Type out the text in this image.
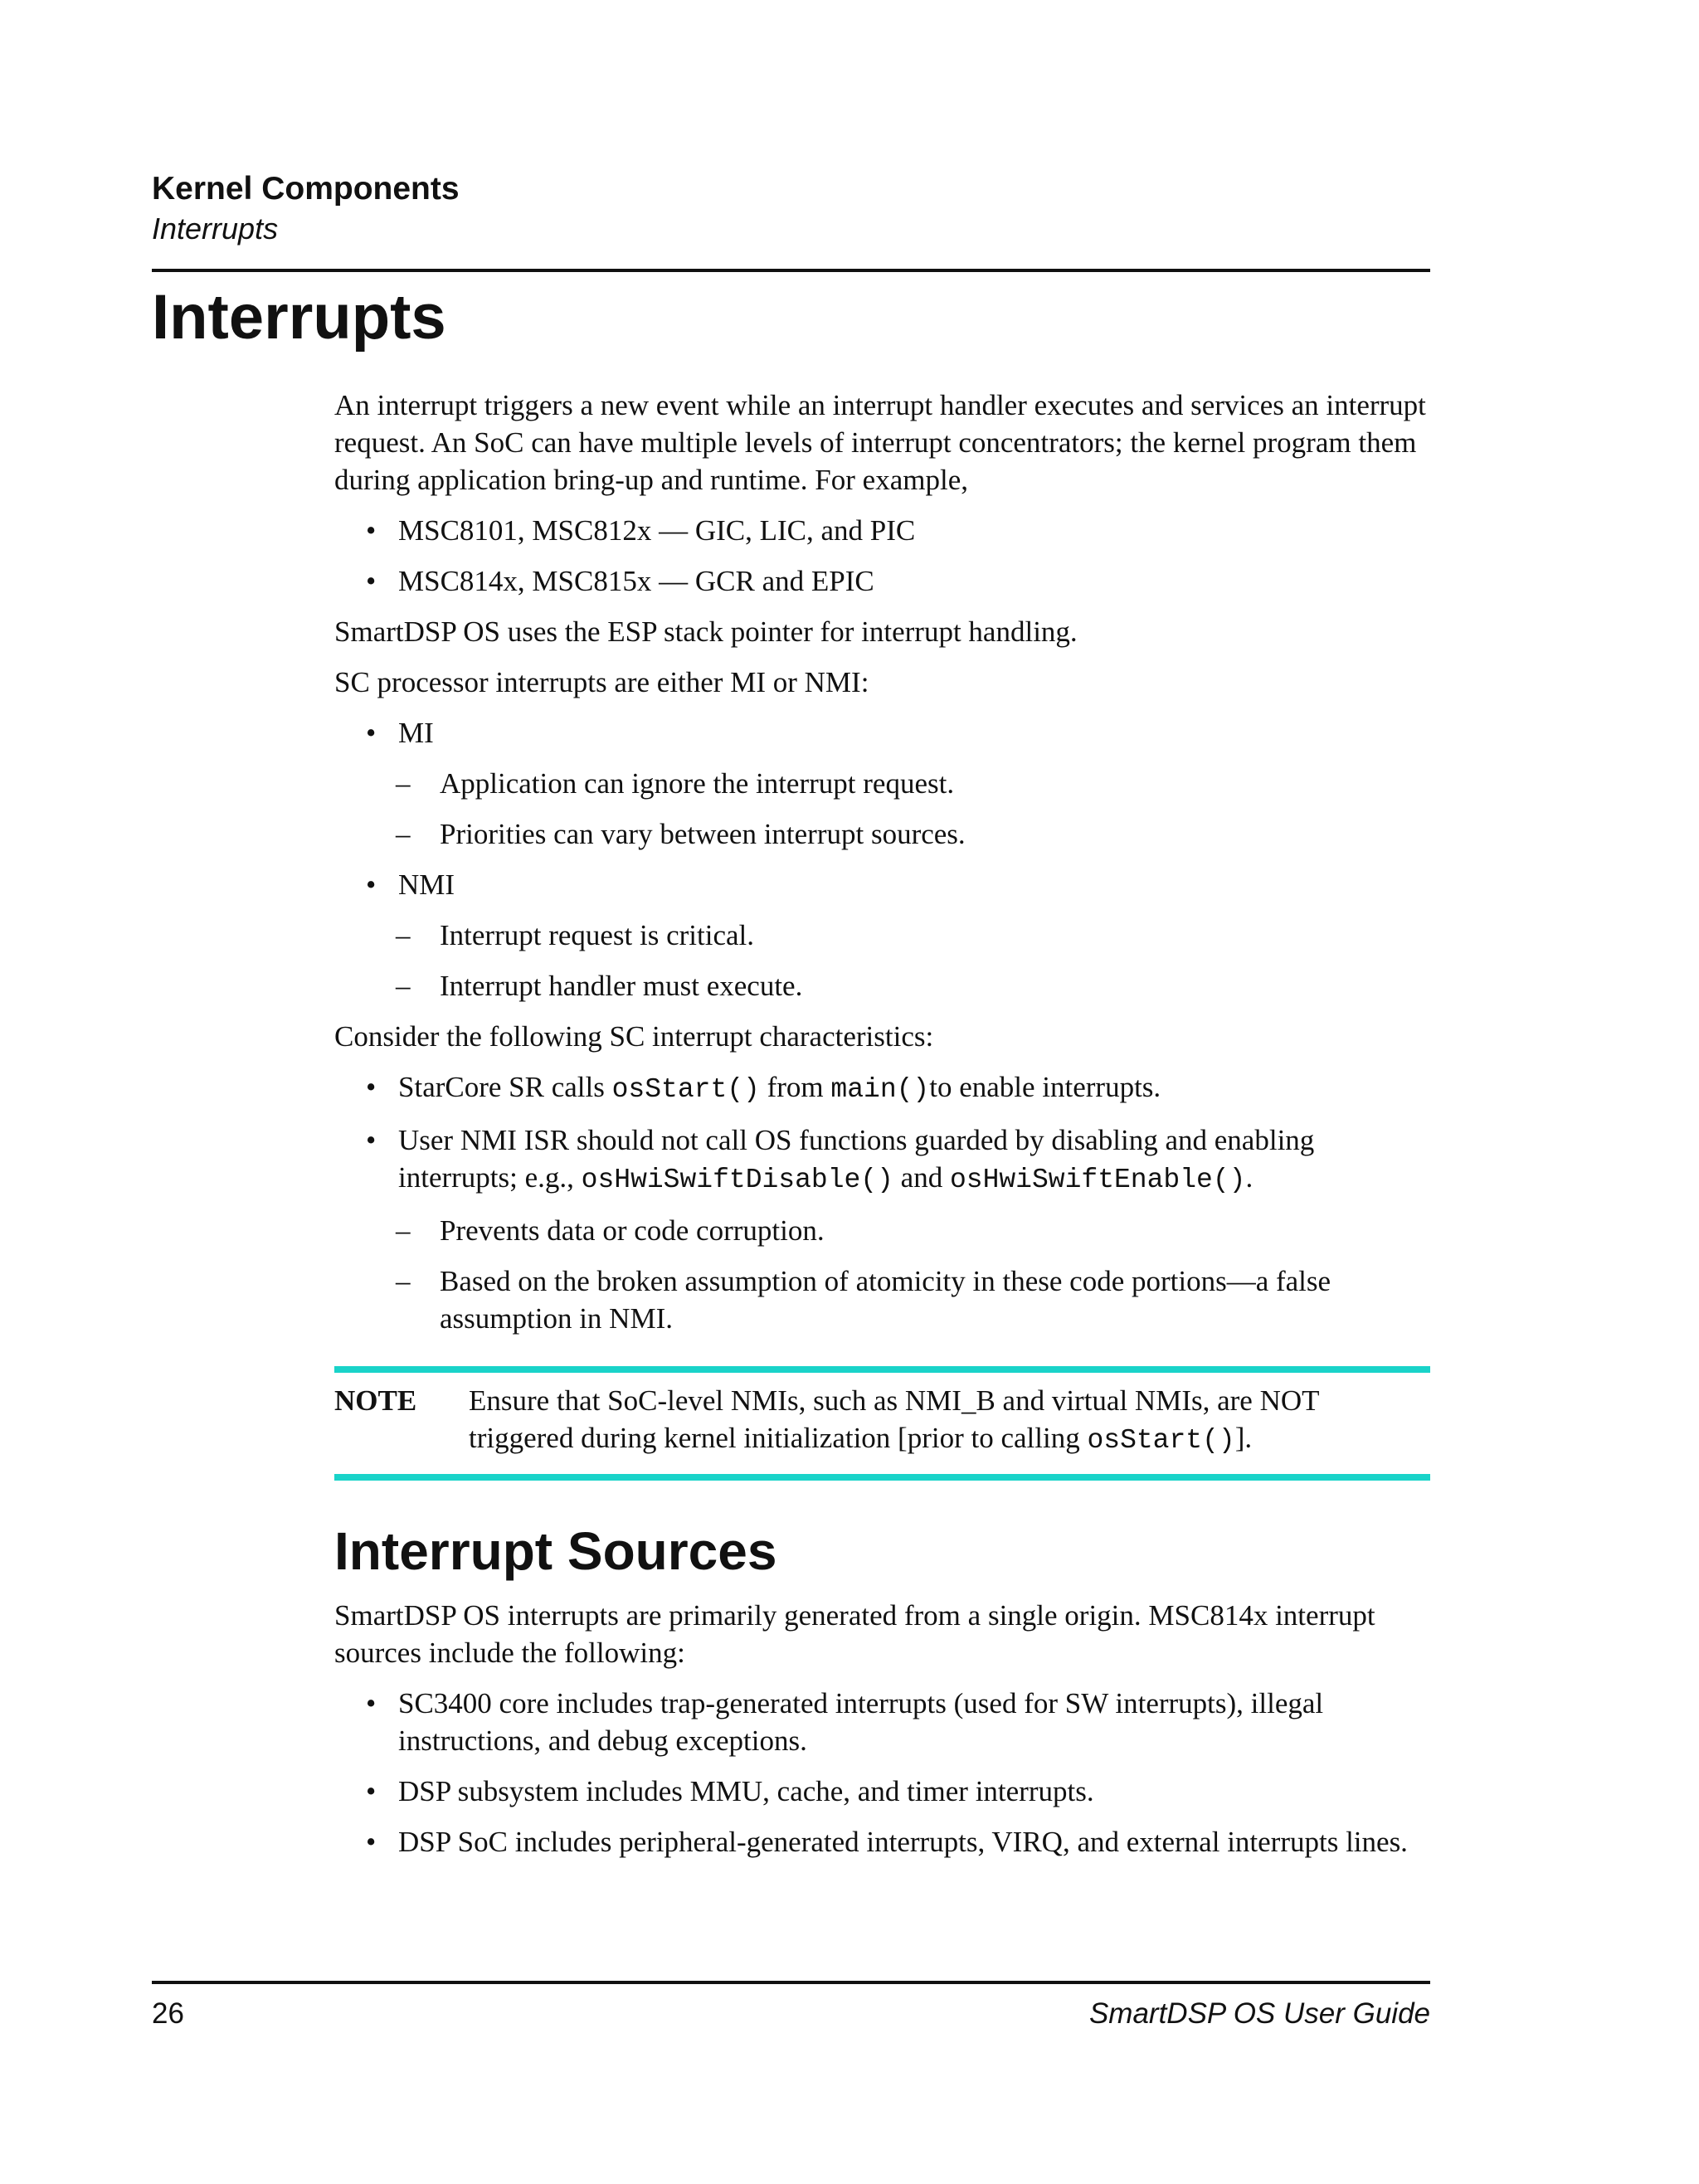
Kernel Components
Interrupts
Interrupts

An interrupt triggers a new event while an interrupt handler executes and services an interrupt request. An SoC can have multiple levels of interrupt concentrators; the kernel program them during application bring-up and runtime. For example,

• MSC8101, MSC812x — GIC, LIC, and PIC
• MSC814x, MSC815x — GCR and EPIC

SmartDSP OS uses the ESP stack pointer for interrupt handling.

SC processor interrupts are either MI or NMI:

• MI
– Application can ignore the interrupt request.
– Priorities can vary between interrupt sources.
• NMI
– Interrupt request is critical.
– Interrupt handler must execute.

Consider the following SC interrupt characteristics:

• StarCore SR calls osStart() from main()to enable interrupts.
• User NMI ISR should not call OS functions guarded by disabling and enabling interrupts; e.g., osHwiSwiftDisable() and osHwiSwiftEnable().
– Prevents data or code corruption.
– Based on the broken assumption of atomicity in these code portions—a false assumption in NMI.
NOTE Ensure that SoC-level NMIs, such as NMI_B and virtual NMIs, are NOT triggered during kernel initialization [prior to calling osStart()].
Interrupt Sources

SmartDSP OS interrupts are primarily generated from a single origin. MSC814x interrupt sources include the following:

• SC3400 core includes trap-generated interrupts (used for SW interrupts), illegal instructions, and debug exceptions.
• DSP subsystem includes MMU, cache, and timer interrupts.
• DSP SoC includes peripheral-generated interrupts, VIRQ, and external interrupts lines.
26	SmartDSP OS User Guide
